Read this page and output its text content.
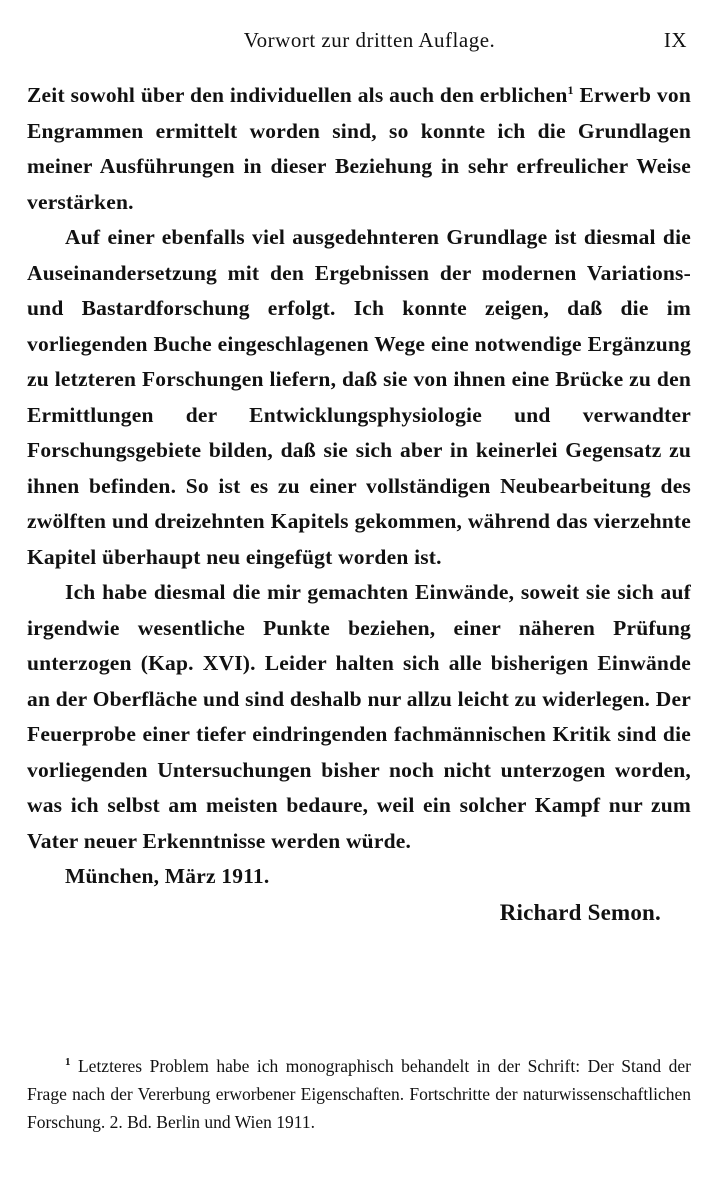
Vorwort zur dritten Auflage.	IX

Zeit sowohl über den individuellen als auch den erblichen$^1$ Erwerb von Engrammen ermittelt worden sind, so konnte ich die Grundlagen meiner Ausführungen in dieser Beziehung in sehr erfreulicher Weise verstärken.

Auf einer ebenfalls viel ausgedehnteren Grundlage ist diesmal die Auseinandersetzung mit den Ergebnissen der modernen Variations- und Bastardforschung erfolgt. Ich konnte zeigen, daß die im vorliegenden Buche eingeschlagenen Wege eine notwendige Ergänzung zu letzteren Forschungen liefern, daß sie von ihnen eine Brücke zu den Ermittlungen der Entwicklungsphysiologie und verwandter Forschungsgebiete bilden, daß sie sich aber in keinerlei Gegensatz zu ihnen befinden. So ist es zu einer vollständigen Neubearbeitung des zwölften und dreizehnten Kapitels gekommen, während das vierzehnte Kapitel überhaupt neu eingefügt worden ist.

Ich habe diesmal die mir gemachten Einwände, soweit sie sich auf irgendwie wesentliche Punkte beziehen, einer näheren Prüfung unterzogen (Kap. XVI). Leider halten sich alle bisherigen Einwände an der Oberfläche und sind deshalb nur allzu leicht zu widerlegen. Der Feuerprobe einer tiefer eindringenden fachmännischen Kritik sind die vorliegenden Untersuchungen bisher noch nicht unterzogen worden, was ich selbst am meisten bedaure, weil ein solcher Kampf nur zum Vater neuer Erkenntnisse werden würde.

München, März 1911.

Richard Semon.

$^1$ Letzteres Problem habe ich monographisch behandelt in der Schrift: Der Stand der Frage nach der Vererbung erworbener Eigenschaften. Fortschritte der naturwissenschaftlichen Forschung. 2. Bd. Berlin und Wien 1911.
